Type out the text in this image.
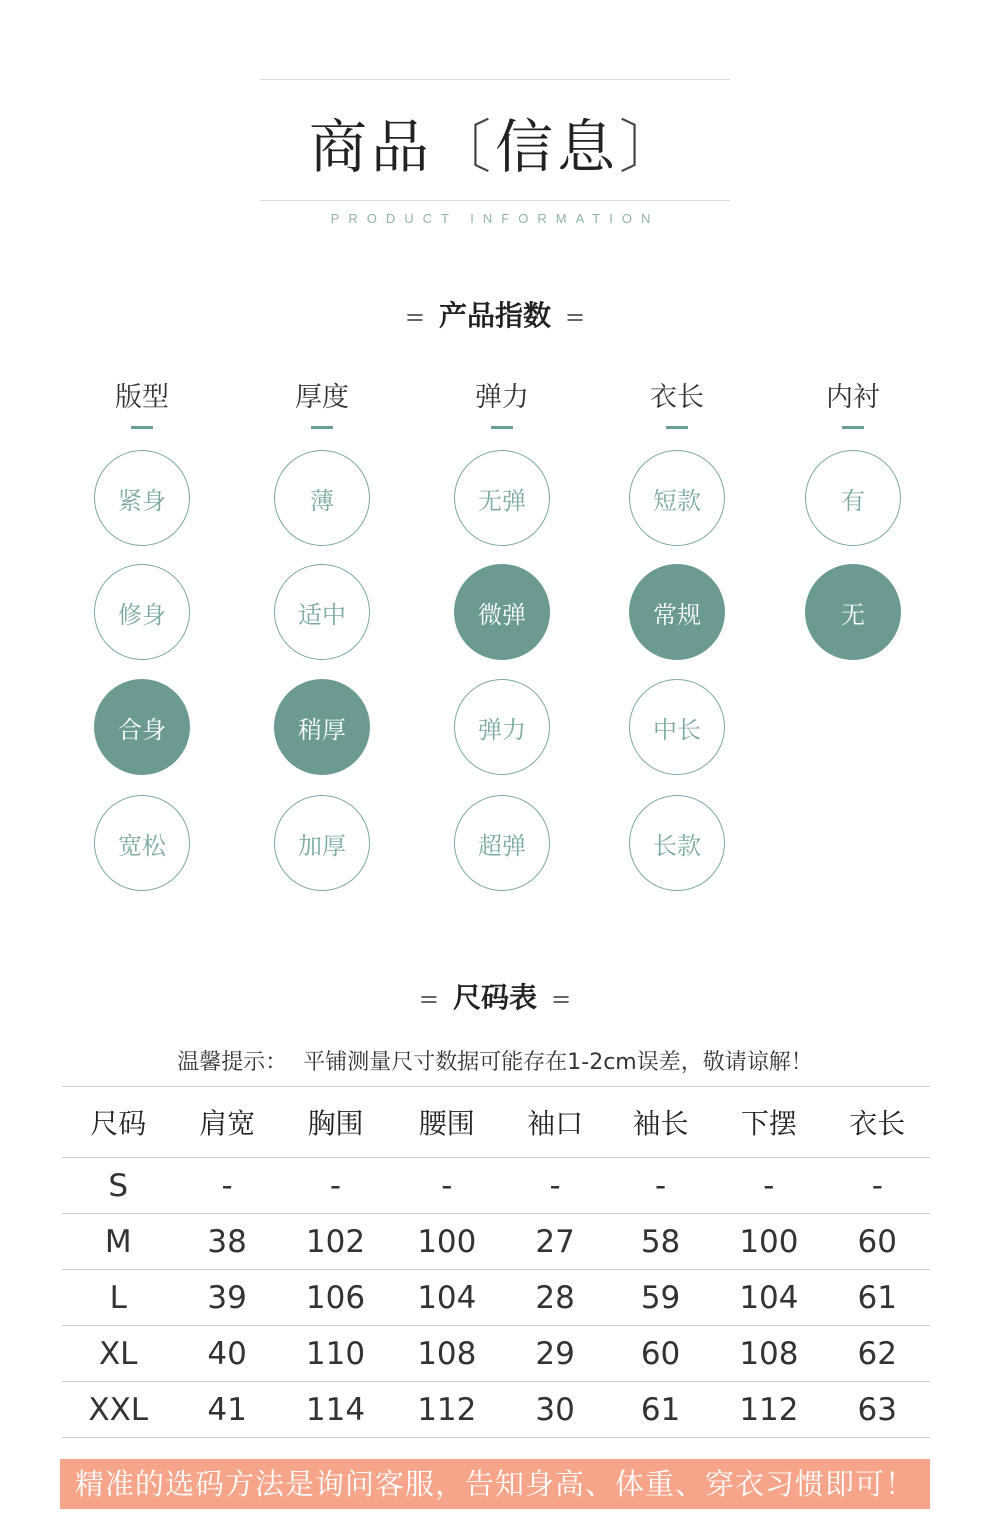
商品〔信息〕
PRODUCT INFORMATION
= 产品指数 =
版型
紧身
修身
合身
宽松
厚度
薄
适中
稍厚
加厚
弹力
无弹
微弹
弹力
超弹
衣长
短款
常规
中长
长款
内衬
有
无
= 尺码表 =
温馨提示： 平铺测量尺寸数据可能存在1-2cm误差，敬请谅解！
尺码	肩宽	胸围	腰围	袖口	袖长	下摆	衣长
S	-	-	-	-	-	-	-
M	38	102	100	27	58	100	60
L	39	106	104	28	59	104	61
XL	40	110	108	29	60	108	62
XXL	41	114	112	30	61	112	63
精准的选码方法是询问客服，告知身高、体重、穿衣习惯即可！
